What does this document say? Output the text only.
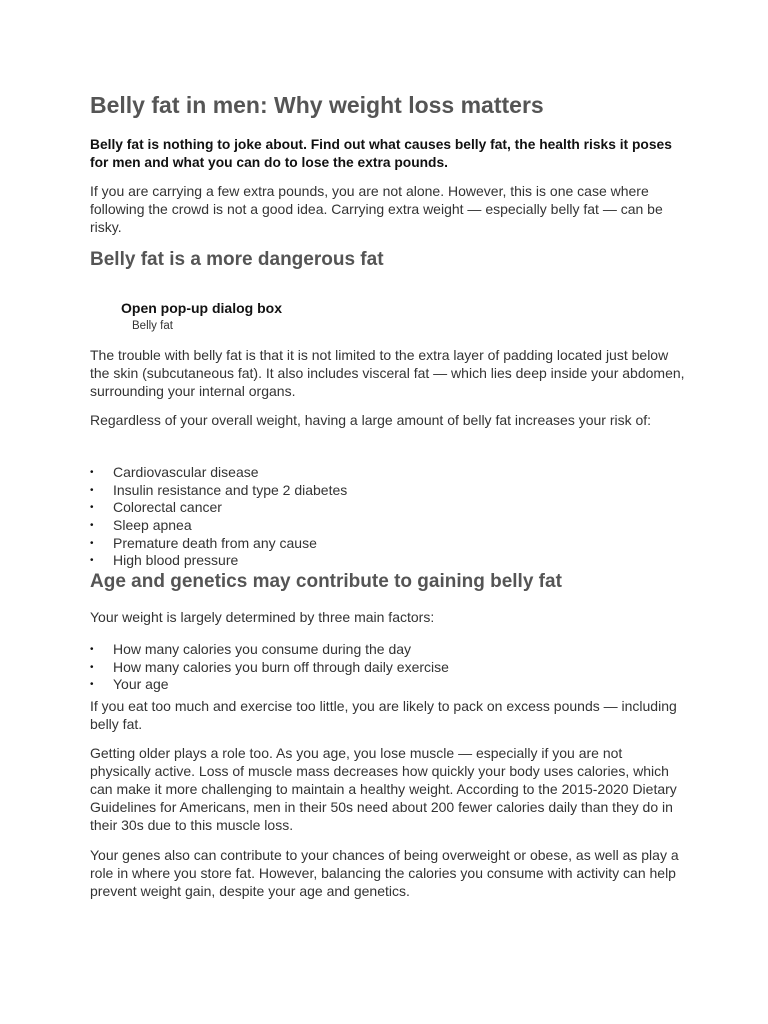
Belly fat in men: Why weight loss matters

Belly fat is nothing to joke about. Find out what causes belly fat, the health risks it poses for men and what you can do to lose the extra pounds.

If you are carrying a few extra pounds, you are not alone. However, this is one case where following the crowd is not a good idea. Carrying extra weight — especially belly fat — can be risky.

Belly fat is a more dangerous fat
Open pop-up dialog box
Belly fat

The trouble with belly fat is that it is not limited to the extra layer of padding located just below the skin (subcutaneous fat). It also includes visceral fat — which lies deep inside your abdomen, surrounding your internal organs.

Regardless of your overall weight, having a large amount of belly fat increases your risk of:

• Cardiovascular disease
• Insulin resistance and type 2 diabetes
• Colorectal cancer
• Sleep apnea
• Premature death from any cause
• High blood pressure
Age and genetics may contribute to gaining belly fat

Your weight is largely determined by three main factors:

• How many calories you consume during the day
• How many calories you burn off through daily exercise
• Your age

If you eat too much and exercise too little, you are likely to pack on excess pounds — including belly fat.

Getting older plays a role too. As you age, you lose muscle — especially if you are not physically active. Loss of muscle mass decreases how quickly your body uses calories, which can make it more challenging to maintain a healthy weight. According to the 2015-2020 Dietary Guidelines for Americans, men in their 50s need about 200 fewer calories daily than they do in their 30s due to this muscle loss.

Your genes also can contribute to your chances of being overweight or obese, as well as play a role in where you store fat. However, balancing the calories you consume with activity can help prevent weight gain, despite your age and genetics.
